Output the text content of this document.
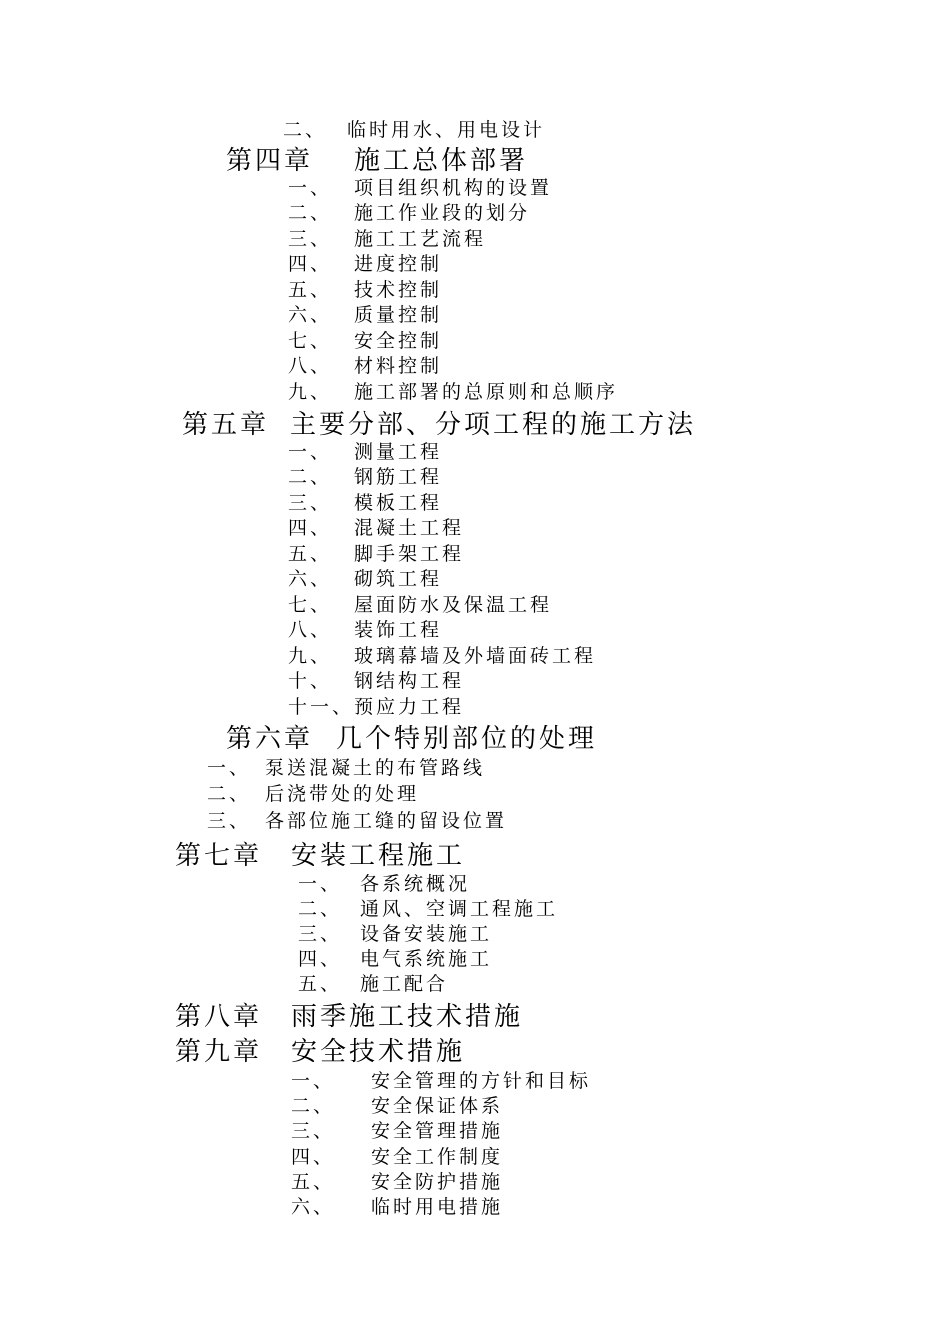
二、 临时用水、用电设计
第四章 施工总体部署
一、 项目组织机构的设置
二、 施工作业段的划分
三、 施工工艺流程
四、 进度控制
五、 技术控制
六、 质量控制
七、 安全控制
八、 材料控制
九、 施工部署的总原则和总顺序
第五章 主要分部、分项工程的施工方法
一、 测量工程
二、 钢筋工程
三、 模板工程
四、 混凝土工程
五、 脚手架工程
六、 砌筑工程
七、 屋面防水及保温工程
八、 装饰工程
九、 玻璃幕墙及外墙面砖工程
十、 钢结构工程
十一、预应力工程
第六章 几个特别部位的处理
一、 泵送混凝土的布管路线
二、 后浇带处的处理
三、 各部位施工缝的留设位置
第七章 安装工程施工
一、 各系统概况
二、 通风、空调工程施工
三、 设备安装施工
四、 电气系统施工
五、 施工配合
第八章 雨季施工技术措施
第九章 安全技术措施
一、 安全管理的方针和目标
二、 安全保证体系
三、 安全管理措施
四、 安全工作制度
五、 安全防护措施
六、 临时用电措施
